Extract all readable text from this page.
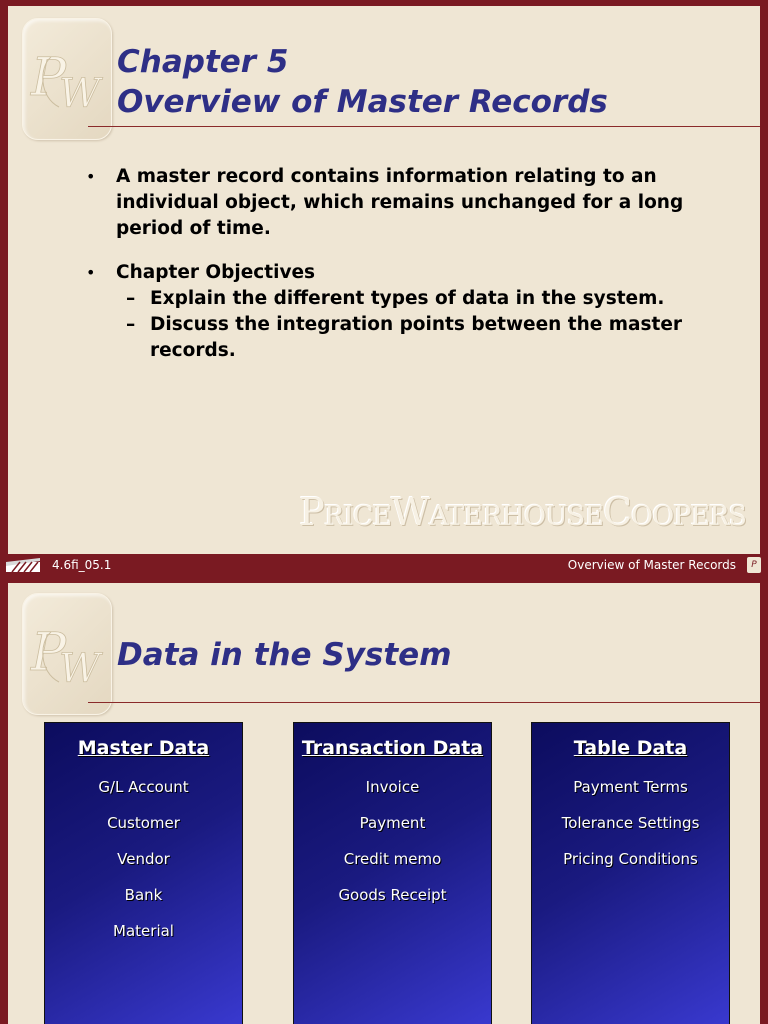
P
W
Chapter 5
Overview of Master Records
• A master record contains information relating to an individual object, which remains unchanged for a long period of time.
• Chapter Objectives
– Explain the different types of data in the system.
– Discuss the integration points between the master records.
PriceWaterhouseCoopers
4.6fi_05.1	Overview of Master Records	P
P
W Data in the System
Master Data
G/L Account
Customer
Vendor
Bank
Material
Transaction Data
Invoice
Payment
Credit memo
Goods Receipt
Table Data
Payment Terms
Tolerance Settings
Pricing Conditions
